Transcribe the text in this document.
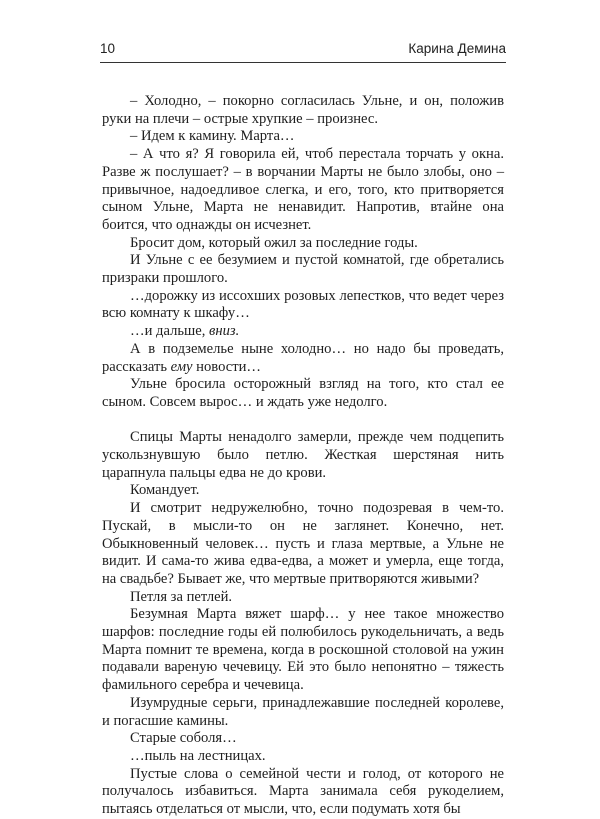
10	Карина Демина

– Холодно, – покорно согласилась Ульне, и он, положив руки на плечи – острые хрупкие – произнес.

– Идем к камину. Марта…

– А что я? Я говорила ей, чтоб перестала торчать у окна. Разве ж послушает? – в ворчании Марты не было злобы, оно – привычное, надоедливое слегка, и его, того, кто притворяется сыном Ульне, Марта не ненавидит. Напротив, втайне она боится, что однажды он исчезнет.

Бросит дом, который ожил за последние годы.

И Ульне с ее безумием и пустой комнатой, где обретались призраки прошлого.

…дорожку из иссохших розовых лепестков, что ведет через всю комнату к шкафу…

…и дальше, вниз.

А в подземелье ныне холодно… но надо бы проведать, рассказать ему новости…

Ульне бросила осторожный взгляд на того, кто стал ее сыном. Совсем вырос… и ждать уже недолго.

Спицы Марты ненадолго замерли, прежде чем подцепить ускользнувшую было петлю. Жесткая шерстяная нить царапнула пальцы едва не до крови.

Командует.

И смотрит недружелюбно, точно подозревая в чем-то. Пускай, в мысли-то он не заглянет. Конечно, нет. Обыкновенный человек… пусть и глаза мертвые, а Ульне не видит. И сама-то жива едва-едва, а может и умерла, еще тогда, на свадьбе? Бывает же, что мертвые притворяются живыми?

Петля за петлей.

Безумная Марта вяжет шарф… у нее такое множество шарфов: последние годы ей полюбилось рукодельничать, а ведь Марта помнит те времена, когда в роскошной столовой на ужин подавали вареную чечевицу. Ей это было непонятно – тяжесть фамильного серебра и чечевица.

Изумрудные серьги, принадлежавшие последней королеве, и погасшие камины.

Старые соболя…

…пыль на лестницах.

Пустые слова о семейной чести и голод, от которого не получалось избавиться. Марта занимала себя рукоделием, пытаясь отделаться от мысли, что, если подумать хотя бы
